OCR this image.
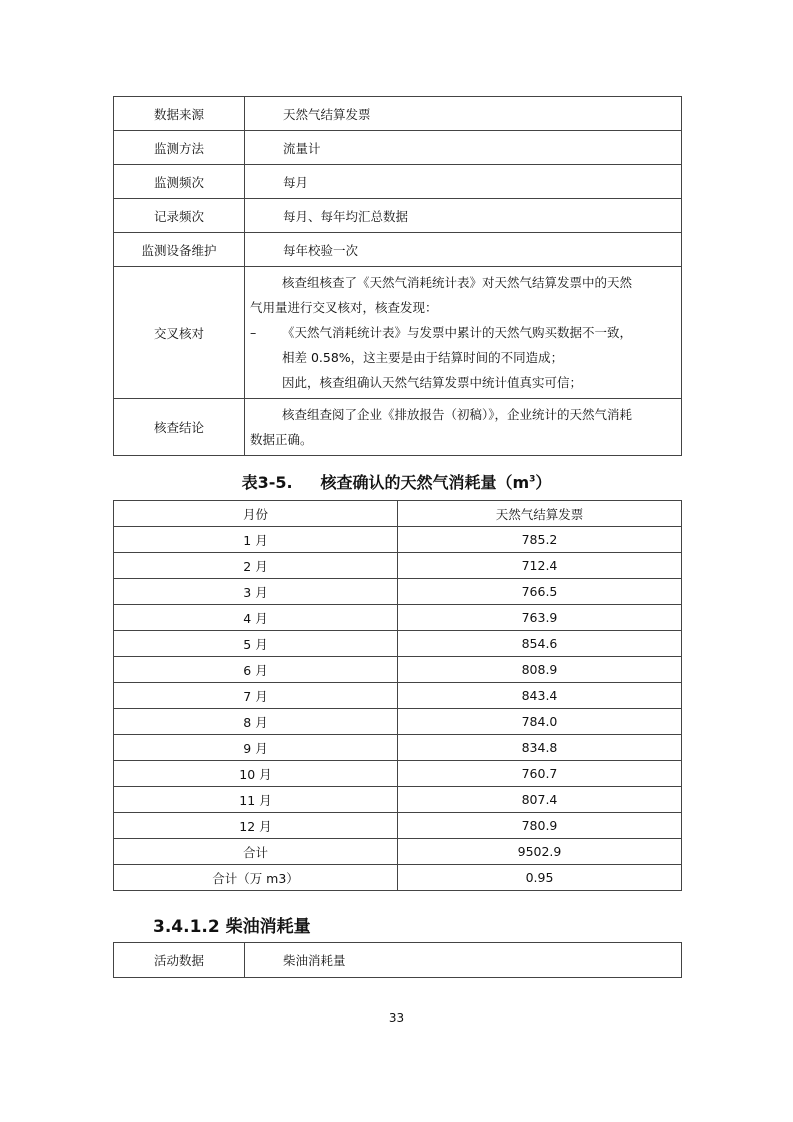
数据来源	天然气结算发票
监测方法	流量计
监测频次	每月
记录频次	每月、每年均汇总数据
监测设备维护	每年校验一次
交叉核对	核查组核查了《天然气消耗统计表》对天然气结算发票中的天然
气用量进行交叉核对，核查发现：
– 《天然气消耗统计表》与发票中累计的天然气购买数据不一致，
相差 0.58%，这主要是由于结算时间的不同造成；
因此，核查组确认天然气结算发票中统计值真实可信；

核查结论	核查组查阅了企业《排放报告（初稿）》，企业统计的天然气消耗
数据正确。
表3-5. 核查确认的天然气消耗量$(m^3)$
月份	天然气结算发票
1 月	785.2
2 月	712.4
3 月	766.5
4 月	763.9
5 月	854.6
6 月	808.9
7 月	843.4
8 月	784.0
9 月	834.8
10 月	760.7
11 月	807.4
12 月	780.9
合计	9502.9
合计（万 m3）	0.95
3.4.1.2 柴油消耗量
活动数据	柴油消耗量
33
